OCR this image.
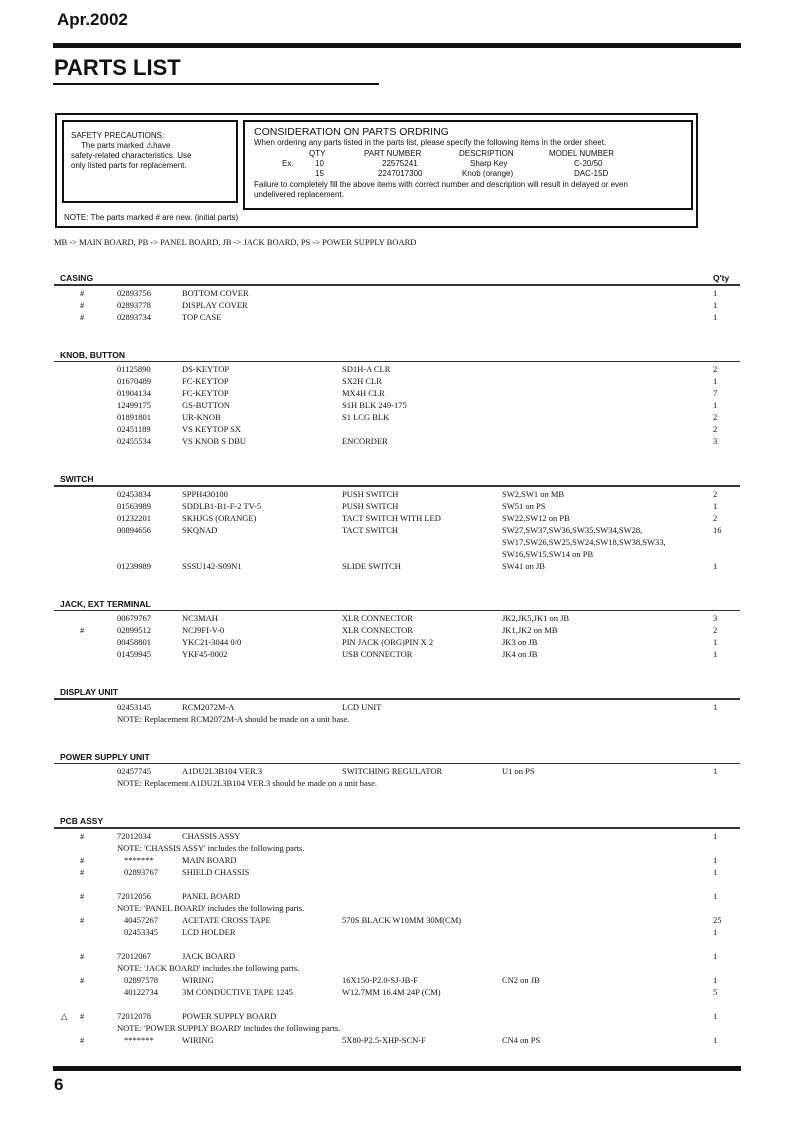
Apr.2002
PARTS LIST
SAFETY PRECAUTIONS:
The parts marked ⚠have
safety-related characteristics. Use
only listed parts for replacement.
CONSIDERATION ON PARTS ORDRING
When ordering any parts listed in the parts list, please specify the following items in the order sheet.
QTY	PART NUMBER	DESCRIPTION	MODEL NUMBER
Ex.	10	22575241	Sharp Key	C-20/50
15	2247017300	Knob (orange)	DAC-15D
Failure to completely fill the above items with correct number and description will result in delayed or even
undelivered replacement.
NOTE: The parts marked # are new. (initial parts)
MB -> MAIN BOARD, PB -> PANEL BOARD, JB -> JACK BOARD, PS -> POWER SUPPLY BOARD
CASING	Q'ty
#	02893756	BOTTOM COVER	1
#	02893778	DISPLAY COVER	1
#	02893734	TOP CASE	1
KNOB, BUTTON
01125890	DS-KEYTOP	SD1H-A CLR	2
01670489	FC-KEYTOP	SX2H CLR	1
01904134	FC-KEYTOP	MX4H CLR	7
12499175	GS-BUTTON	S1H BLK 249-175	1
01891801	UR-KNOB	S1 LCG BLK	2
02451189	VS KEYTOP SX	2
02455534	VS KNOB S DBU	ENCORDER	3
SWITCH
02453834	SPPH430100	PUSH SWITCH	SW2,SW1 on MB	2
01563989	SDDLB1-B1-F-2 TV-5	PUSH SWITCH	SW51 on PS	1
01232201	SKHJGS (ORANGE)	TACT SWITCH WITH LED	SW22,SW12 on PB	2
00894656	SKQNAD	TACT SWITCH	SW27,SW37,SW36,SW35,SW34,SW28,	16
SW17,SW26,SW25,SW24,SW18,SW38,SW33,
SW16,SW15,SW14 on PB
01239989	SSSU142-S09N1	SLIDE SWITCH	SW41 on JB	1
JACK, EXT TERMINAL
00679767	NC3MAH	XLR CONNECTOR	JK2,JK5,JK1 on JB	3
#	02899512	NCJ9FI-V-0	XLR CONNECTOR	JK1,JK2 on MB	2
00458801	YKC21-3044 0/0	PIN JACK (ORG)PIN X 2	JK3 on JB	1
01459945	YKF45-0002	USB CONNECTOR	JK4 on JB	1
DISPLAY UNIT
02453145	RCM2072M-A	LCD UNIT	1
NOTE: Replacement RCM2072M-A should be made on a unit base.
POWER SUPPLY UNIT
02457745	A1DU2L3B104 VER.3	SWITCHING REGULATOR	U1 on PS	1
NOTE: Replacement A1DU2L3B104 VER.3 should be made on a unit base.
PCB ASSY
#	72012034	CHASSIS ASSY	1
NOTE: 'CHASSIS ASSY' includes the following parts.
#	*******	MAIN BOARD	1
#	02893767	SHIELD CHASSIS	1
#	72012056	PANEL BOARD	1
NOTE: 'PANEL BOARD' includes the following parts.
#	40457267	ACETATE CROSS TAPE	570S BLACK W10MM 30M(CM)	25
02453345	LCD HOLDER	1
#	72012067	JACK BOARD	1
NOTE: 'JACK BOARD' includes the following parts.
#	02897578	WIRING	16X150-P2.0-SJ-JB-F	CN2 on JB	1
40122734	3M CONDUCTIVE TAPE 1245	W12.7MM 16.4M 24P (CM)	5
△ #	72012078	POWER SUPPLY BOARD	1
NOTE: 'POWER SUPPLY BOARD' includes the following parts.
#	*******	WIRING	5X80-P2.5-XHP-SCN-F	CN4 on PS	1
6
